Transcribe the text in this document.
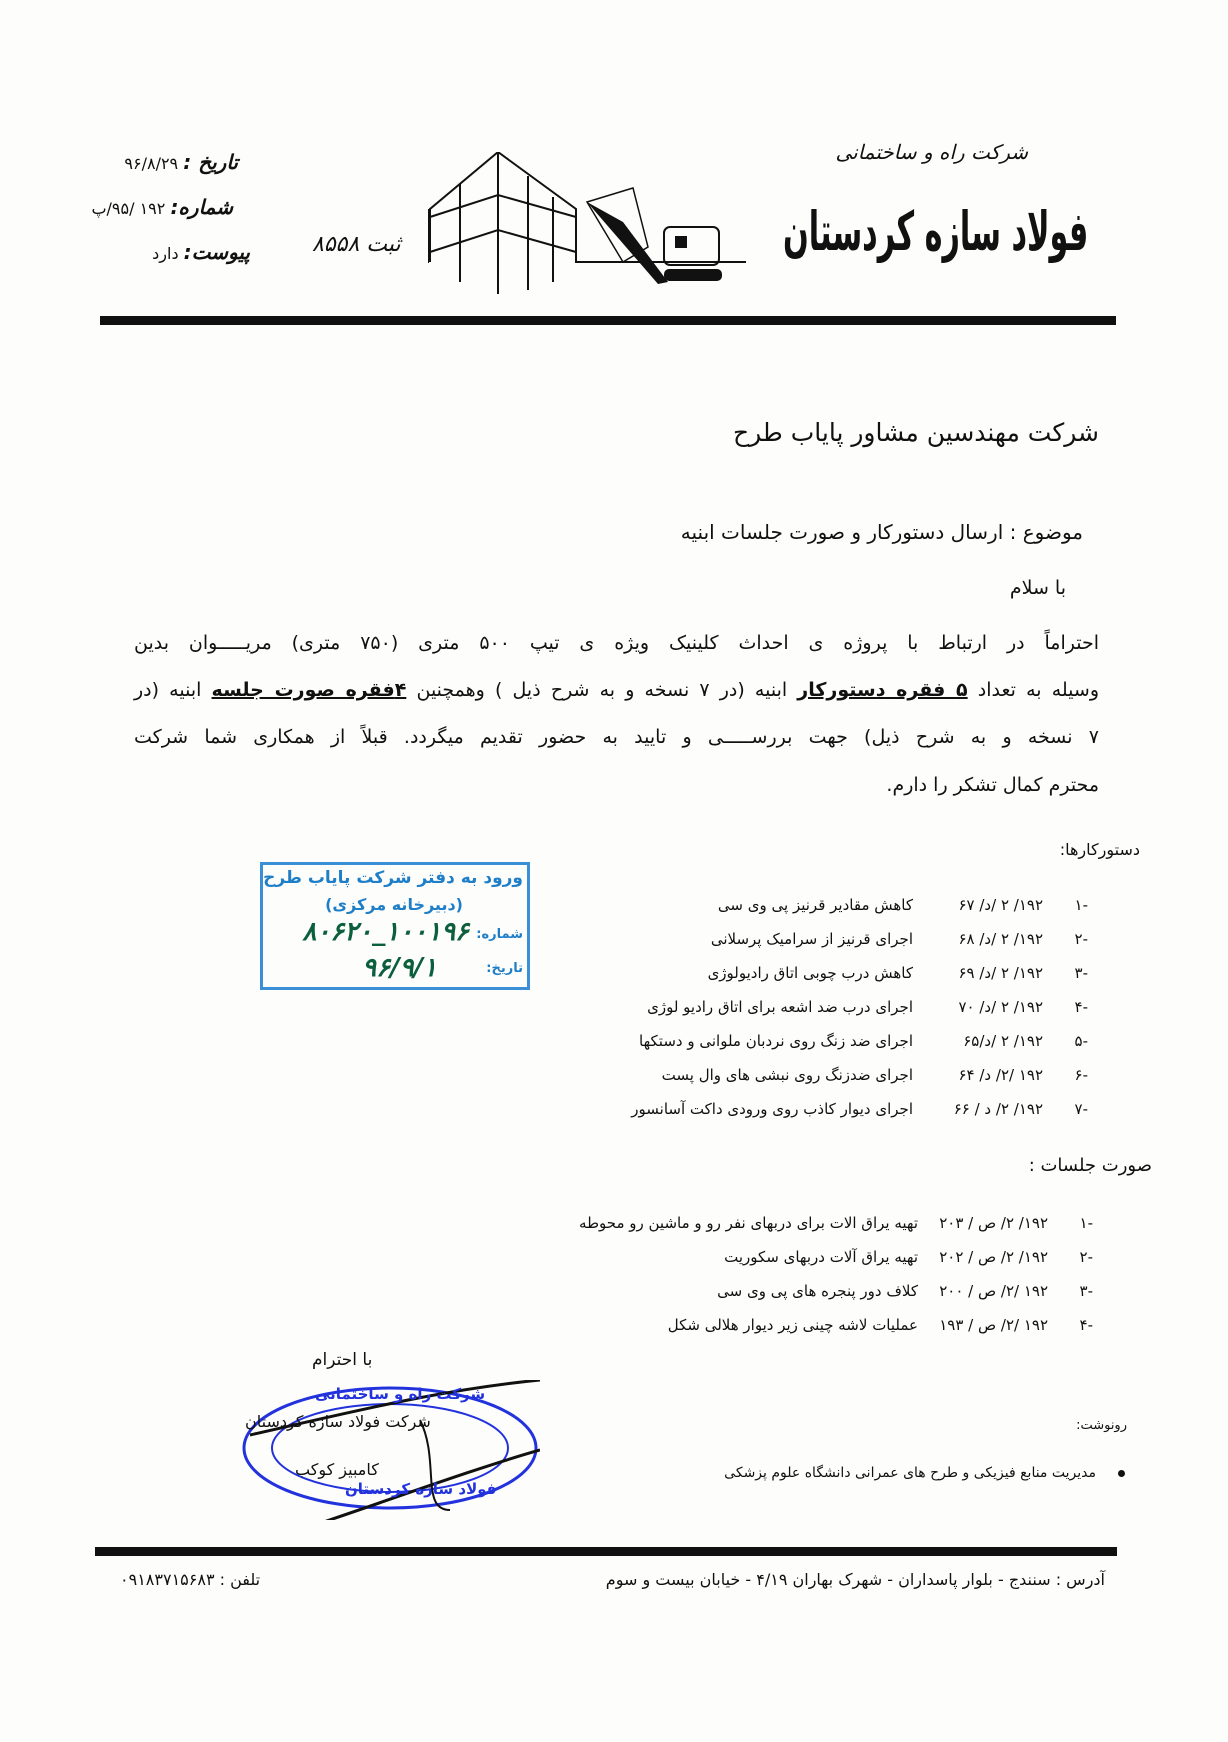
شرکت راه و ساختمانی
فولاد سازه کردستان
ثبت ۸۵۵۸
تاریخ : ۹۶/۸/۲۹
شماره: ۱۹۲ /۹۵/پ
پیوست: دارد
شرکت مهندسین مشاور پایاب طرح
موضوع : ارسال دستورکار و صورت جلسات ابنیه
با سلام
احتراماً در ارتباط با پروژه ی احداث کلینیک ویژه ی تیپ ۵۰۰ متری (۷۵۰ متری) مریـــــوان بدین
وسیله به تعداد ۵ فقره دستورکار ابنیه (در ۷ نسخه و به شرح ذیل ) وهمچنین ۴فقره صورت جلسه ابنیه (در
۷ نسخه و به شرح ذیل) جهت بررســـــی و تایید به حضور تقدیم میگردد. قبلاً از همکاری شما شرکت
محترم کمال تشکر را دارم.
دستورکارها:
-۱
۱۹۲/ ۲ /د/ ۶۷
کاهش مقادیر قرنیز پی وی سی
-۲
۱۹۲/ ۲ /د/ ۶۸
اجرای قرنیز از سرامیک پرسلانی
-۳
۱۹۲/ ۲ /د/ ۶۹
کاهش درب چوبی اتاق رادیولوژی
-۴
۱۹۲/ ۲ /د/ ۷۰
اجرای درب ضد اشعه برای اتاق رادیو لوژی
-۵
۱۹۲/ ۲ /د/۶۵
اجرای ضد زنگ روی نردبان ملوانی و دستکها
-۶
۱۹۲ /۲/ د/ ۶۴
اجرای ضدزنگ روی نبشی های وال پست
-۷
۱۹۲/ ۲/ د / ۶۶
اجرای دیوار کاذب روی ورودی داکت آسانسور
ورود به دفتر شرکت پایاب طرح
(دبیرخانه مرکزی)
شماره:
۱۰۰۱۹۶_۸۰۶۲۰
تاریخ:
۹۶/۹/۱
صورت جلسات :
-۱
۱۹۲/ ۲/ ص / ۲۰۳
تهیه یراق الات برای دربهای نفر رو و ماشین رو محوطه
-۲
۱۹۲/ ۲/ ص / ۲۰۲
تهیه یراق آلات دربهای سکوریت
-۳
۱۹۲ /۲/ ص / ۲۰۰
کلاف دور پنجره های پی وی سی
-۴
۱۹۲ /۲/ ص / ۱۹۳
عملیات لاشه چینی زیر دیوار هلالی شکل
با احترام
شرکت راه و ساختمانی
شرکت فولاد سازه کردستان
کامبیز کوکب
فولاد سازه کردستان
رونوشت:
مدیریت منابع فیزیکی و طرح های عمرانی دانشگاه علوم پزشکی
آدرس : سنندج - بلوار پاسداران - شهرک بهاران ۴/۱۹ - خیابان بیست و سوم
تلفن : ۰۹۱۸۳۷۱۵۶۸۳
